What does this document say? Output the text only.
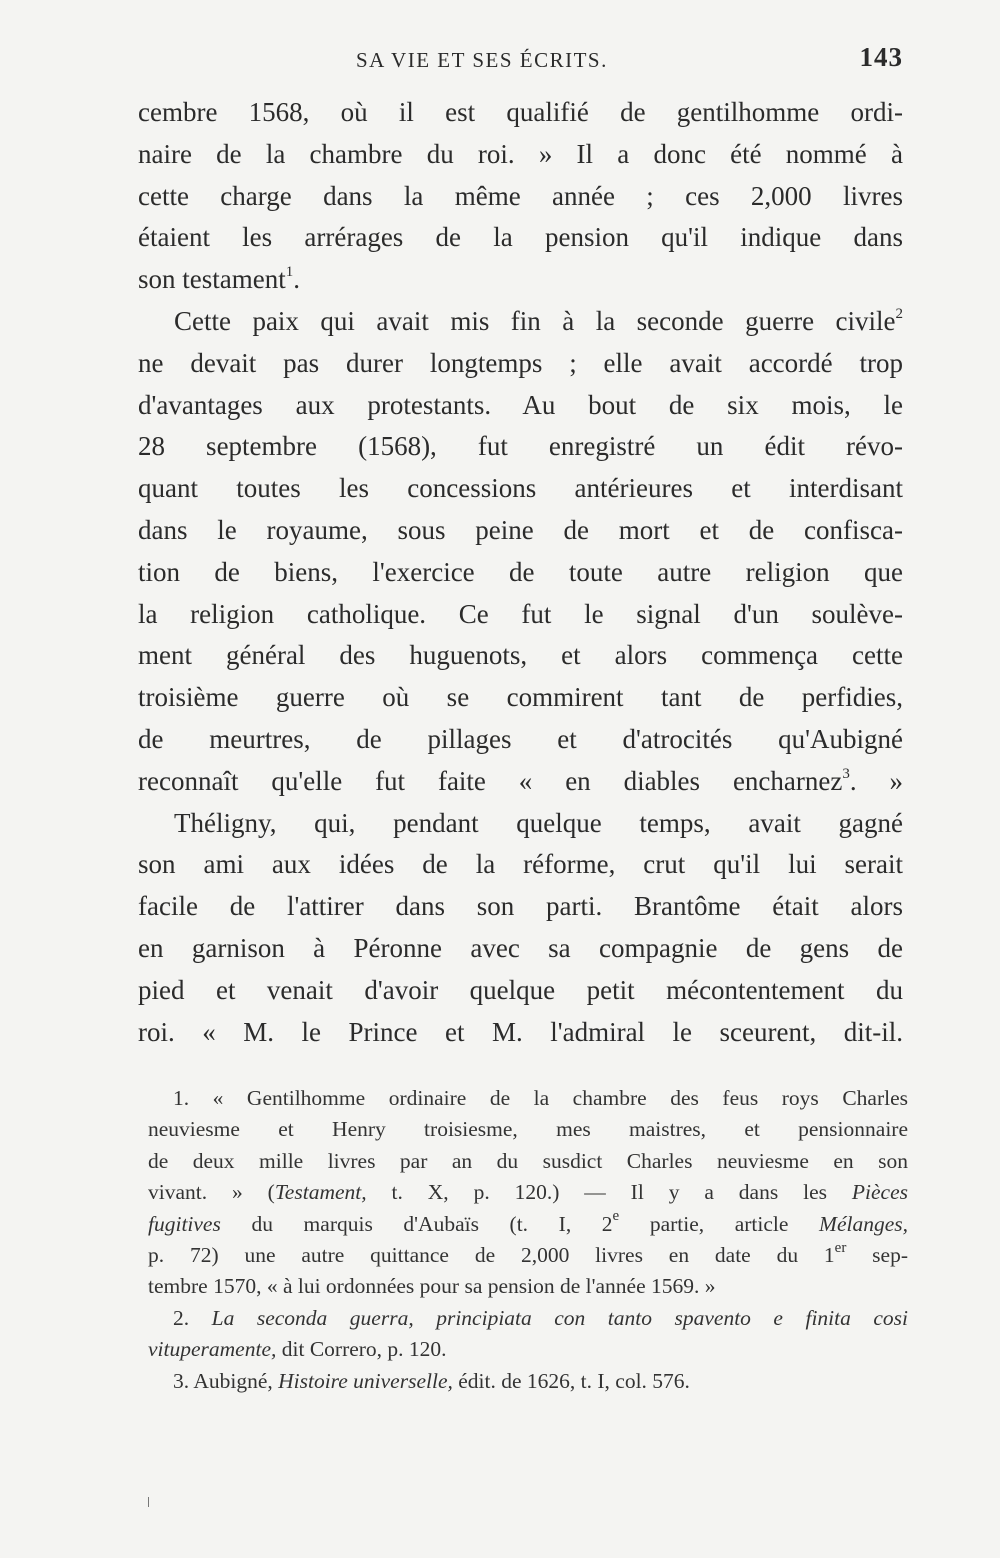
SA VIE ET SES ÉCRITS.	143
cembre 1568, où il est qualifié de gentilhomme ordi-
naire de la chambre du roi. » Il a donc été nommé à
cette charge dans la même année ; ces 2,000 livres
étaient les arrérages de la pension qu'il indique dans
son testament$^1$.
Cette paix qui avait mis fin à la seconde guerre civile$^2$
ne devait pas durer longtemps ; elle avait accordé trop
d'avantages aux protestants. Au bout de six mois, le
28 septembre (1568), fut enregistré un édit révo-
quant toutes les concessions antérieures et interdisant
dans le royaume, sous peine de mort et de confisca-
tion de biens, l'exercice de toute autre religion que
la religion catholique. Ce fut le signal d'un soulève-
ment général des huguenots, et alors commença cette
troisième guerre où se commirent tant de perfidies,
de meurtres, de pillages et d'atrocités qu'Aubigné
reconnaît qu'elle fut faite « en diables encharnez$^3$. »
Théligny, qui, pendant quelque temps, avait gagné
son ami aux idées de la réforme, crut qu'il lui serait
facile de l'attirer dans son parti. Brantôme était alors
en garnison à Péronne avec sa compagnie de gens de
pied et venait d'avoir quelque petit mécontentement du
roi. « M. le Prince et M. l'admiral le sceurent, dit-il.
1. « Gentilhomme ordinaire de la chambre des feus roys Charles
neuviesme et Henry troisiesme, mes maistres, et pensionnaire
de deux mille livres par an du susdict Charles neuviesme en son
vivant. » (Testament, t. X, p. 120.) — Il y a dans les Pièces
fugitives du marquis d'Aubaïs (t. I, 2e partie, article Mélanges,
p. 72) une autre quittance de 2,000 livres en date du 1er sep-
tembre 1570, « à lui ordonnées pour sa pension de l'année 1569. »
2. La seconda guerra, principiata con tanto spavento e finita cosi
vituperamente, dit Correro, p. 120.
3. Aubigné, Histoire universelle, édit. de 1626, t. I, col. 576.
